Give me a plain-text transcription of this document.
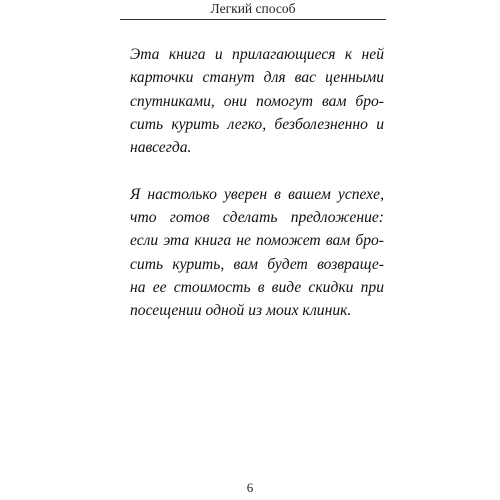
Легкий способ
Эта книга и прилагающиеся к ней
карточки станут для вас ценными
спутниками, они помогут вам бро-
сить курить легко, безболезненно и
навсегда.
Я настолько уверен в вашем успехе,
что готов сделать предложение:
если эта книга не поможет вам бро-
сить курить, вам будет возвраще-
на ее стоимость в виде скидки при
посещении одной из моих клиник.
6
